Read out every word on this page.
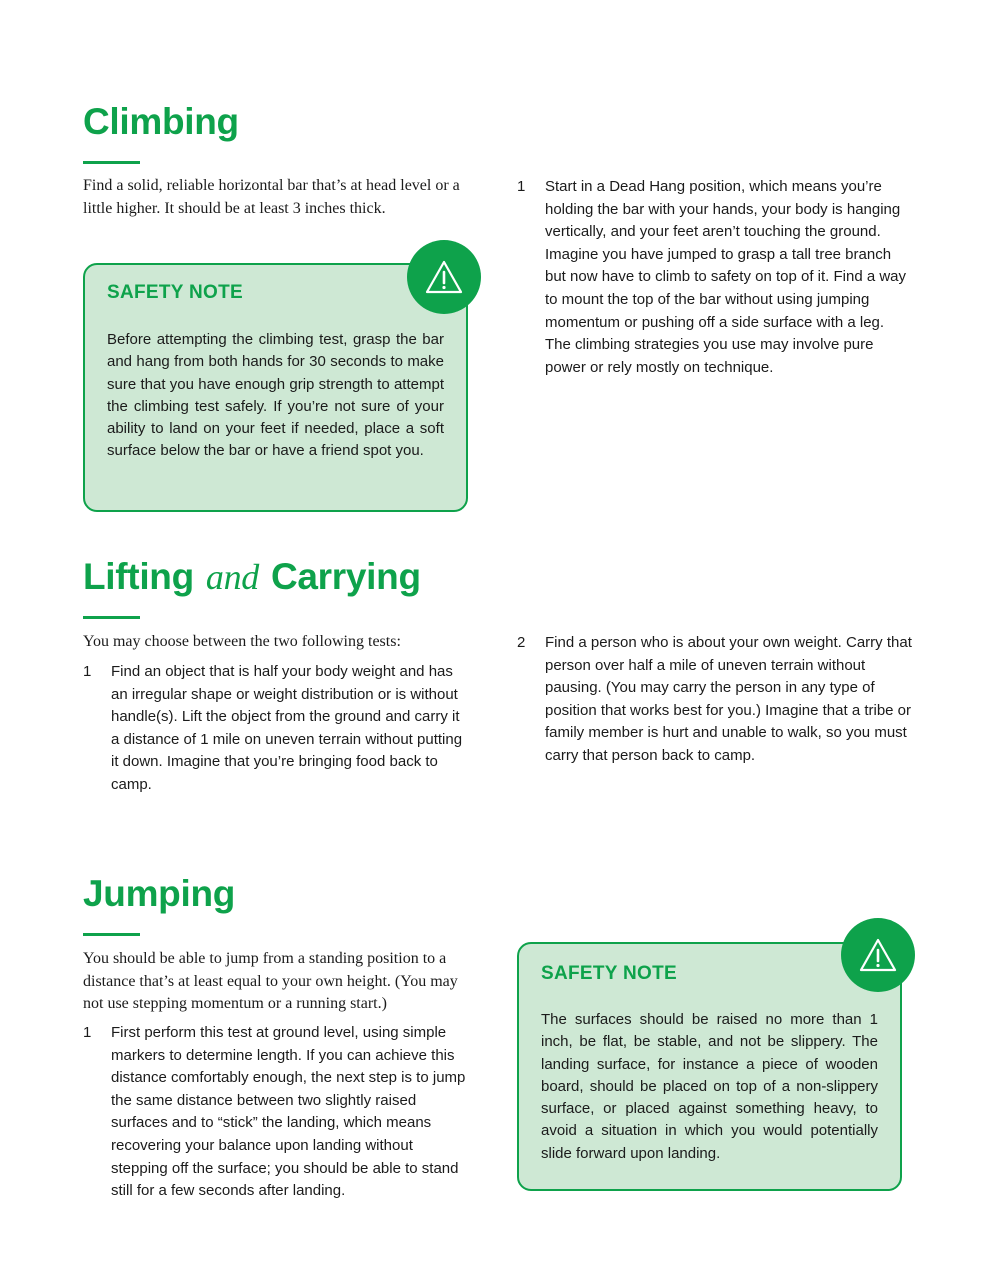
Climbing

Find a solid, reliable horizontal bar that’s at head level or a little higher. It should be at least 3 inches thick.

SAFETY NOTE
Before attempting the climbing test, grasp the bar and hang from both hands for 30 seconds to make sure that you have enough grip strength to attempt the climbing test safely. If you’re not sure of your ability to land on your feet if needed, place a soft surface below the bar or have a friend spot you.
1 Start in a Dead Hang position, which means you’re holding the bar with your hands, your body is hanging vertically, and your feet aren’t touching the ground. Imagine you have jumped to grasp a tall tree branch but now have to climb to safety on top of it. Find a way to mount the top of the bar without using jumping momentum or pushing off a side surface with a leg. The climbing strategies you use may involve pure power or rely mostly on technique.
Lifting and Carrying

You may choose between the two following tests:

1 Find an object that is half your body weight and has an irregular shape or weight distribution or is without handle(s). Lift the object from the ground and carry it a distance of 1 mile on uneven terrain without putting it down. Imagine that you’re bringing food back to camp.
2 Find a person who is about your own weight. Carry that person over half a mile of uneven terrain without pausing. (You may carry the person in any type of position that works best for you.) Imagine that a tribe or family member is hurt and unable to walk, so you must carry that person back to camp.
Jumping

You should be able to jump from a standing position to a distance that’s at least equal to your own height. (You may not use stepping momentum or a running start.)

1 First perform this test at ground level, using simple markers to determine length. If you can achieve this distance comfortably enough, the next step is to jump the same distance between two slightly raised surfaces and to “stick” the landing, which means recovering your balance upon landing without stepping off the surface; you should be able to stand still for a few seconds after landing.
SAFETY NOTE
The surfaces should be raised no more than 1 inch, be flat, be stable, and not be slippery. The landing surface, for instance a piece of wooden board, should be placed on top of a non-slippery surface, or placed against something heavy, to avoid a situation in which you would potentially slide forward upon landing.
